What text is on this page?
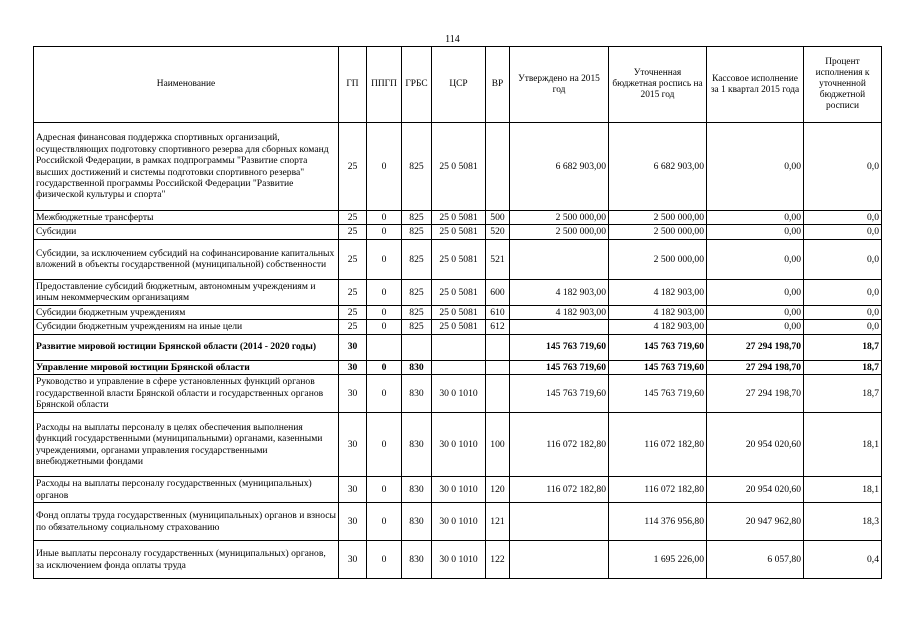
114
Наименование	ГП	ППГП	ГРБС	ЦСР	ВР	Утверждено на 2015 год	Уточненная бюджетная роспись на 2015 год	Кассовое исполнение за 1 квартал 2015 года	Процент исполнения к уточненной бюджетной росписи
Адресная финансовая поддержка спортивных организаций, осуществляющих подготовку спортивного резерва для сборных команд Российской Федерации, в рамках подпрограммы "Развитие спорта высших достижений и системы подготовки спортивного резерва" государственной программы Российской Федерации "Развитие физической культуры и спорта"	25	0	825	25 0 5081		6 682 903,00	6 682 903,00	0,00	0,0
Межбюджетные трансферты	25	0	825	25 0 5081	500	2 500 000,00	2 500 000,00	0,00	0,0
Субсидии	25	0	825	25 0 5081	520	2 500 000,00	2 500 000,00	0,00	0,0
Субсидии, за исключением субсидий на софинансирование капитальных вложений в объекты государственной (муниципальной) собственности	25	0	825	25 0 5081	521		2 500 000,00	0,00	0,0
Предоставление субсидий бюджетным, автономным учреждениям и иным некоммерческим организациям	25	0	825	25 0 5081	600	4 182 903,00	4 182 903,00	0,00	0,0
Субсидии бюджетным учреждениям	25	0	825	25 0 5081	610	4 182 903,00	4 182 903,00	0,00	0,0
Субсидии бюджетным учреждениям на иные цели	25	0	825	25 0 5081	612		4 182 903,00	0,00	0,0
Развитие мировой юстиции Брянской области (2014 - 2020 годы)	30					145 763 719,60	145 763 719,60	27 294 198,70	18,7
Управление мировой юстиции Брянской области	30	0	830			145 763 719,60	145 763 719,60	27 294 198,70	18,7
Руководство и управление в сфере установленных функций органов государственной власти Брянской области и государственных органов Брянской области	30	0	830	30 0 1010		145 763 719,60	145 763 719,60	27 294 198,70	18,7
Расходы на выплаты персоналу в целях обеспечения выполнения функций государственными (муниципальными) органами, казенными учреждениями, органами управления государственными внебюджетными фондами	30	0	830	30 0 1010	100	116 072 182,80	116 072 182,80	20 954 020,60	18,1
Расходы на выплаты персоналу государственных (муниципальных) органов	30	0	830	30 0 1010	120	116 072 182,80	116 072 182,80	20 954 020,60	18,1
Фонд оплаты труда государственных (муниципальных) органов и взносы по обязательному социальному страхованию	30	0	830	30 0 1010	121		114 376 956,80	20 947 962,80	18,3
Иные выплаты персоналу государственных (муниципальных) органов, за исключением фонда оплаты труда	30	0	830	30 0 1010	122		1 695 226,00	6 057,80	0,4
